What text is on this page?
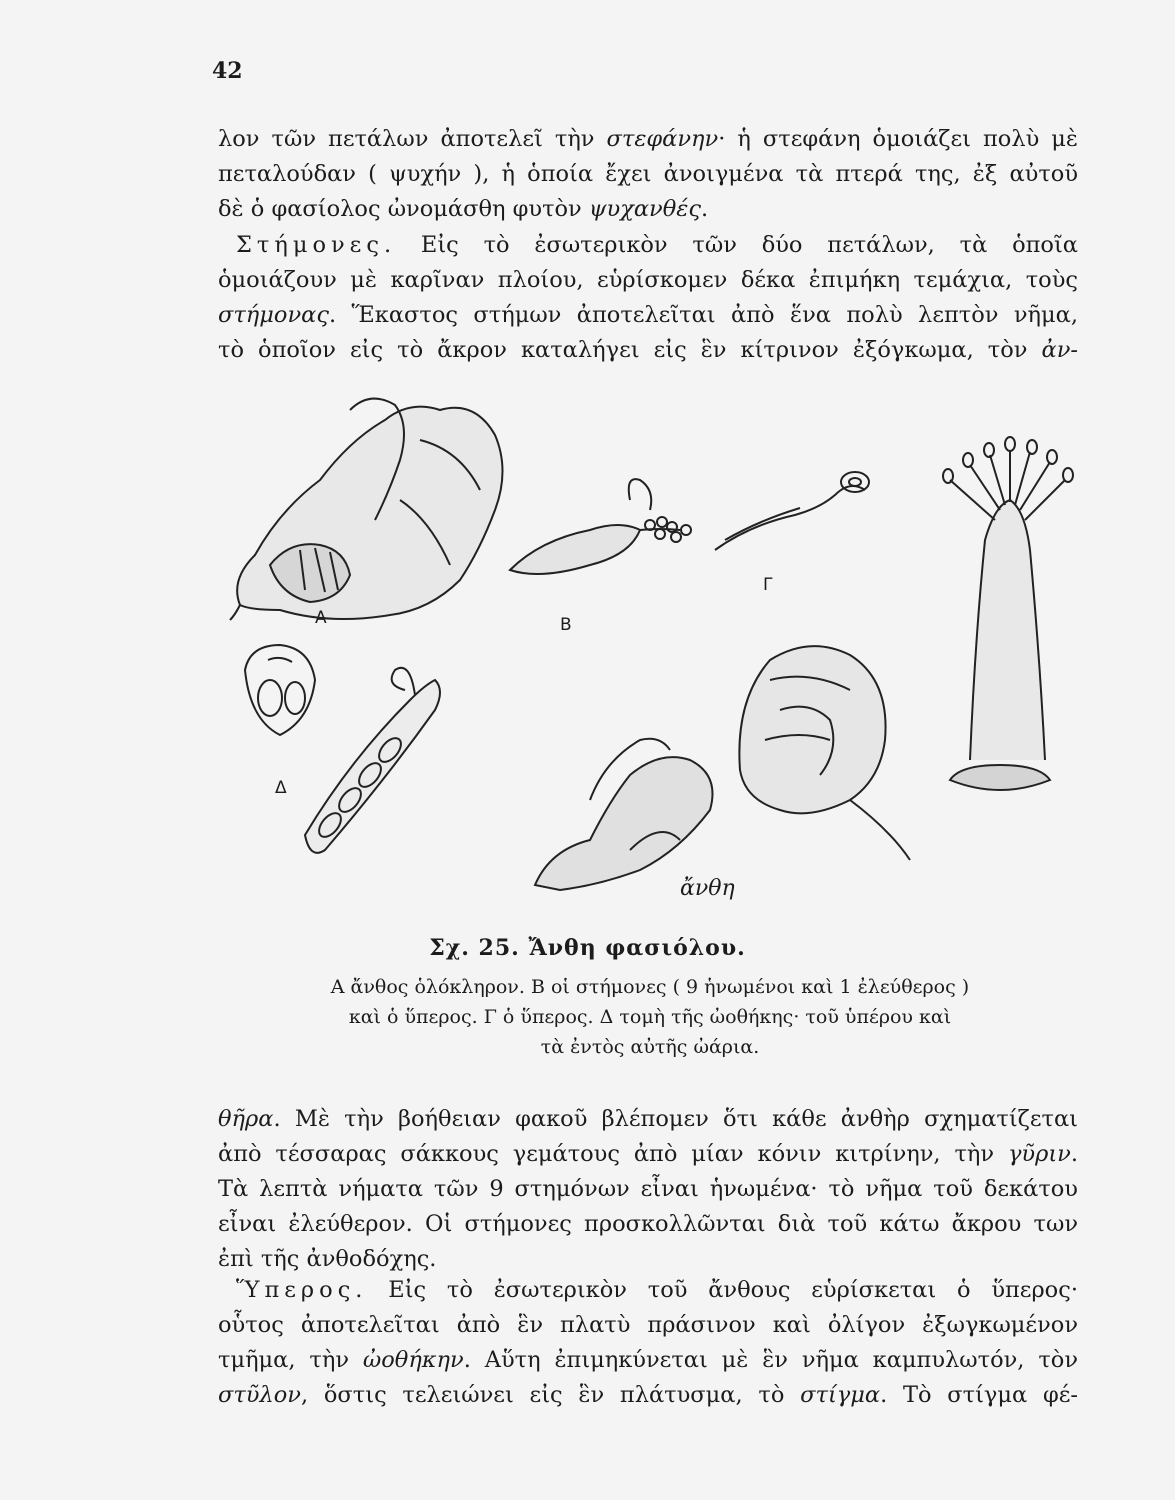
42

λον τῶν πετάλων ἀποτελεῖ τὴν στεφάνην· ἡ στεφάνη ὁμοιάζει πολὺ μὲ
πεταλούδαν ( ψυχήν ), ἡ ὁποία ἔχει ἀνοιγμένα τὰ πτερά της, ἐξ αὐτοῦ
δὲ ὁ φασίολος ὠνομάσθη φυτὸν ψυχανθές.

Στήμονες. Εἰς τὸ ἐσωτερικὸν τῶν δύο πετάλων, τὰ ὁποῖα
ὁμοιάζουν μὲ καρῖναν πλοίου, εὑρίσκομεν δέκα ἐπιμήκη τεμάχια, τοὺς
στήμονας. Ἕκαστος στήμων ἀποτελεῖται ἀπὸ ἕνα πολὺ λεπτὸν νῆμα,
τὸ ὁποῖον εἰς τὸ ἄκρον καταλήγει εἰς ἓν κίτρινον ἐξόγκωμα, τὸν ἀν-

Α	Β
Γ
Δ
ἄνθη
Σχ. 25. Ἄνθη φασιόλου.

Α ἄνθος ὁλόκληρον. Β οἱ στήμονες ( 9 ἡνωμένοι καὶ 1 ἐλεύθερος )
καὶ ὁ ὕπερος. Γ ὁ ὕπερος. Δ τομὴ τῆς ὠοθήκης· τοῦ ὑπέρου καὶ
τὰ ἐντὸς αὐτῆς ὠάρια.

θῆρα. Μὲ τὴν βοήθειαν φακοῦ βλέπομεν ὅτι κάθε ἀνθὴρ σχηματίζεται
ἀπὸ τέσσαρας σάκκους γεμάτους ἀπὸ μίαν κόνιν κιτρίνην, τὴν γῦριν.
Τὰ λεπτὰ νήματα τῶν 9 στημόνων εἶναι ἡνωμένα· τὸ νῆμα τοῦ δεκάτου
εἶναι ἐλεύθερον. Οἱ στήμονες προσκολλῶνται διὰ τοῦ κάτω ἄκρου των
ἐπὶ τῆς ἀνθοδόχης.

Ὕπερος. Εἰς τὸ ἐσωτερικὸν τοῦ ἄνθους εὑρίσκεται ὁ ὕπερος·
οὗτος ἀποτελεῖται ἀπὸ ἓν πλατὺ πράσινον καὶ ὀλίγον ἐξωγκωμένον
τμῆμα, τὴν ὠοθήκην. Αὕτη ἐπιμηκύνεται μὲ ἓν νῆμα καμπυλωτόν, τὸν
στῦλον, ὅστις τελειώνει εἰς ἓν πλάτυσμα, τὸ στίγμα. Τὸ στίγμα φέ-
